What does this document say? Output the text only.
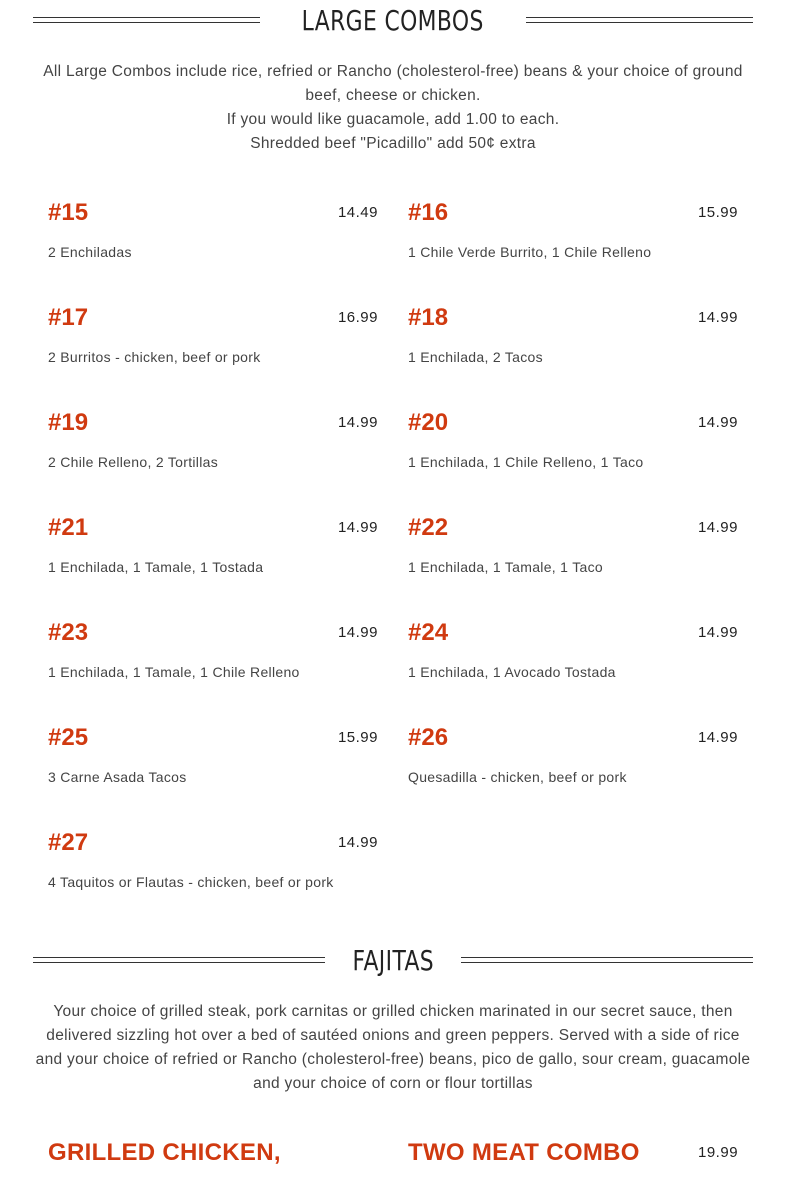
LARGE COMBOS

All Large Combos include rice, refried or Rancho (cholesterol-free) beans & your choice of ground beef, cheese or chicken.

If you would like guacamole, add 1.00 to each.

Shredded beef "Picadillo" add 50¢ extra

#15	14.49
2 Enchiladas
#16	15.99
1 Chile Verde Burrito, 1 Chile Relleno
#17	16.99
2 Burritos - chicken, beef or pork
#18	14.99
1 Enchilada, 2 Tacos
#19	14.99
2 Chile Relleno, 2 Tortillas
#20	14.99
1 Enchilada, 1 Chile Relleno, 1 Taco
#21	14.99
1 Enchilada, 1 Tamale, 1 Tostada
#22	14.99
1 Enchilada, 1 Tamale, 1 Taco
#23	14.99
1 Enchilada, 1 Tamale, 1 Chile Relleno
#24	14.99
1 Enchilada, 1 Avocado Tostada
#25	15.99
3 Carne Asada Tacos
#26	14.99
Quesadilla - chicken, beef or pork
#27	14.99
4 Taquitos or Flautas - chicken, beef or pork
FAJITAS

Your choice of grilled steak, pork carnitas or grilled chicken marinated in our secret sauce, then delivered sizzling hot over a bed of sautéed onions and green peppers. Served with a side of rice and your choice of refried or Rancho (cholesterol-free) beans, pico de gallo, sour cream, guacamole and your choice of corn or flour tortillas

GRILLED CHICKEN,	TWO MEAT COMBO	19.99
